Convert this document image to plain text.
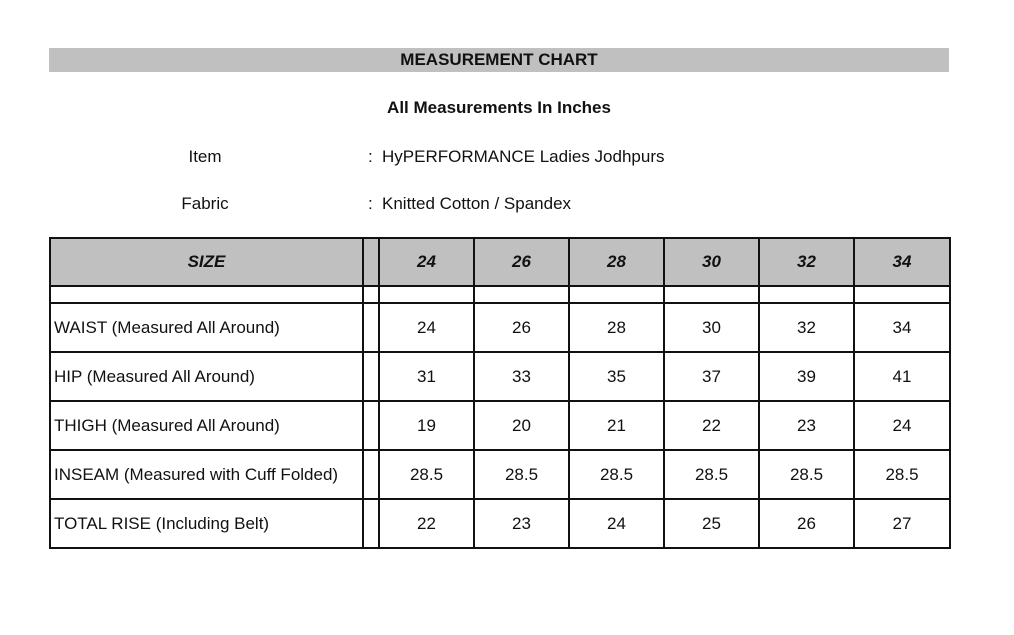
MEASUREMENT CHART
All Measurements In Inches
Item	: HyPERFORMANCE Ladies Jodhpurs
Fabric	: Knitted Cotton / Spandex
SIZE		24	26	28	30	32	34

WAIST (Measured All Around)		24	26	28	30	32	34
HIP (Measured All Around)		31	33	35	37	39	41
THIGH (Measured All Around)		19	20	21	22	23	24
INSEAM (Measured with Cuff Folded)		28.5	28.5	28.5	28.5	28.5	28.5
TOTAL RISE (Including Belt)		22	23	24	25	26	27
